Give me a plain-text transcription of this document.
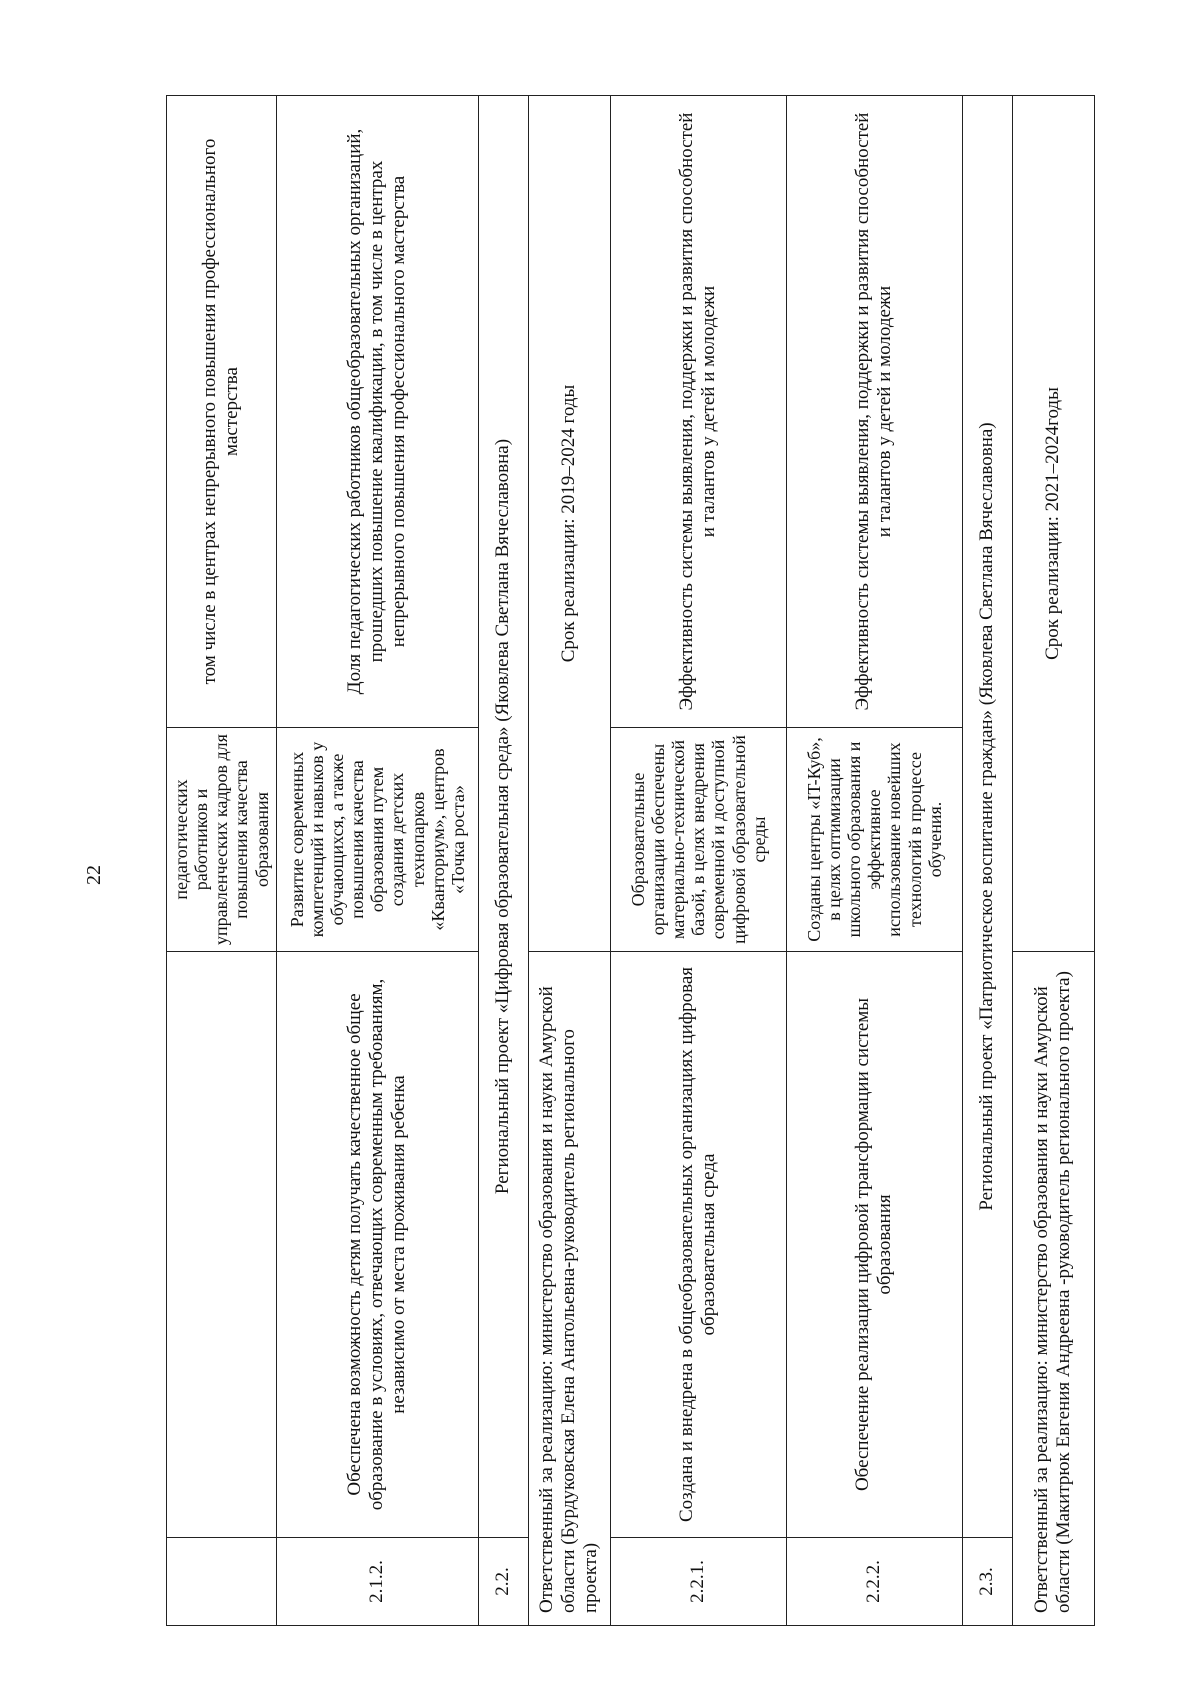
22
			педагогических работников и управленческих кадров для повышения качества образования	том числе в центрах непрерывного повышения профессионального мастерства
2.1.2.	Обеспечена возможность детям получать качественное общее образование в условиях, отвечающих современным требованиям, независимо от места проживания ребенка	Развитие современных компетенций и навыков у обучающихся, а также повышения качества образования путем создания детских технопарков «Кванториум», центров «Точка роста»	Доля педагогических работников общеобразовательных организаций, прошедших повышение квалификации, в том числе в центрах непрерывного повышения профессионального мастерства
2.2.	Региональный проект «Цифровая образовательная среда» (Яковлева Светлана Вячеславовна)		
Ответственный за реализацию: министерство образования и науки Амурской области (Бурдуковская Елена Анатольевна-руководитель регионального проекта)		Срок реализации: 2019–2024 годы	
2.2.1.	Создана и внедрена в общеобразовательных организациях цифровая образовательная среда	Образовательные организации обеспечены материально-технической базой, в целях внедрения современной и доступной цифровой образовательной среды	Эффективность системы выявления, поддержки и развития способностей и талантов у детей и молодежи
2.2.2.	Обеспечение реализации цифровой трансформации системы образования	Созданы центры «IT-Куб», в целях оптимизации школьного образования и эффективное использование новейших технологий в процессе обучения.	Эффективность системы выявления, поддержки и развития способностей и талантов у детей и молодежи
2.3.	Региональный проект «Патриотическое воспитание граждан» (Яковлева Светлана Вячеславовна)		
Ответственный за реализацию: министерство образования и науки Амурской области (Макитрюк Евгения Андреевна -руководитель регионального проекта)		Срок реализации: 2021–2024годы	
